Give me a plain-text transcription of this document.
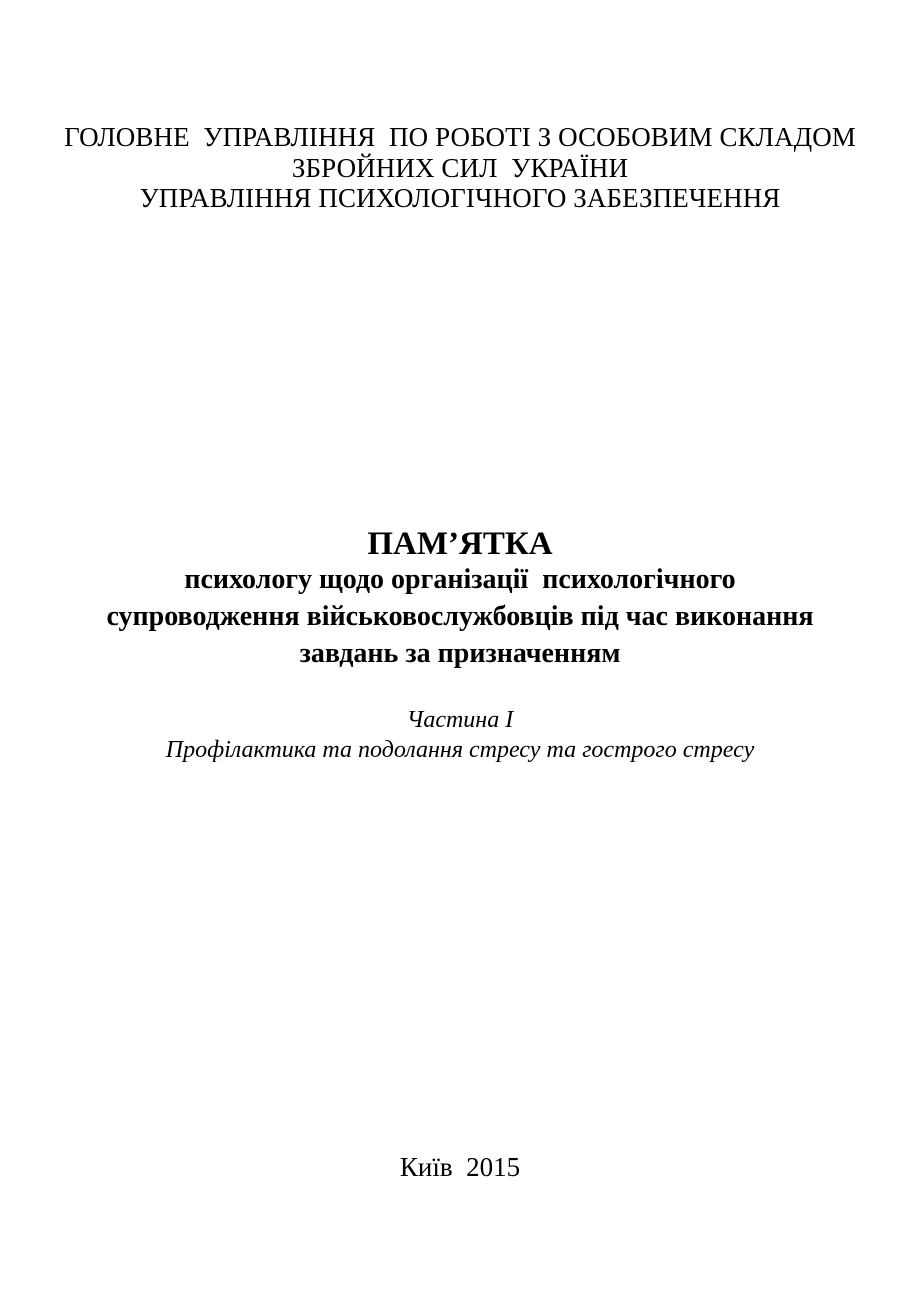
ГОЛОВНЕ  УПРАВЛІННЯ  ПО РОБОТІ З ОСОБОВИМ СКЛАДОМ
ЗБРОЙНИХ СИЛ  УКРАЇНИ
УПРАВЛІННЯ ПСИХОЛОГІЧНОГО ЗАБЕЗПЕЧЕННЯ
ПАМ’ЯТКА
психологу щодо організації  психологічного
супроводження військовослужбовців під час виконання
завдань за призначенням
Частина І
Профілактика та подолання стресу та гострого стресу
Київ  2015
